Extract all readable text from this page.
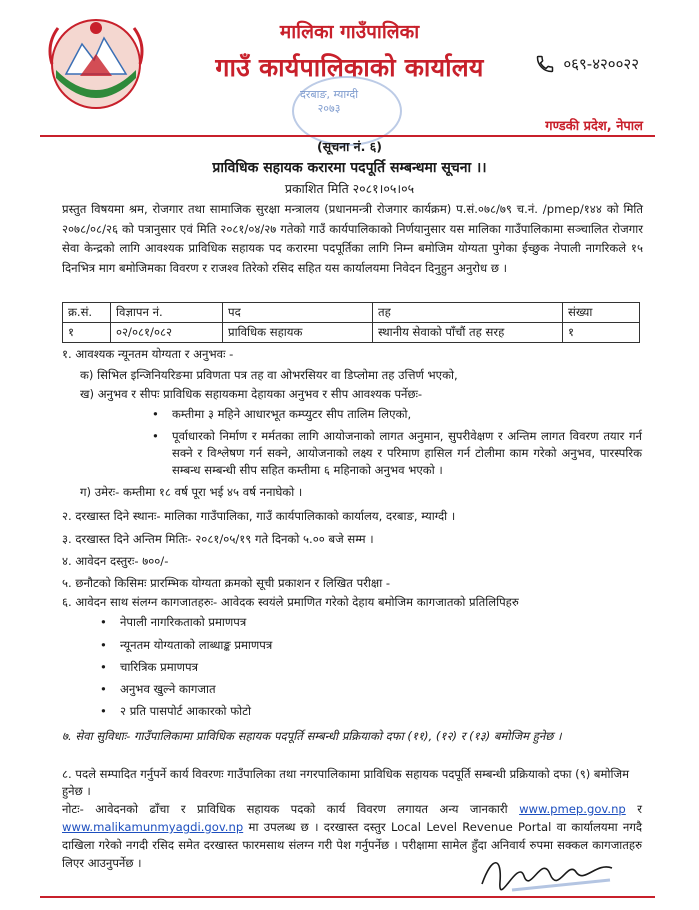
मालिका गाउँपालिका
गाउँ कार्यपालिकाको कार्यालय	०६९-४२००२२
दरबाङ, म्याग्दी
२०७३
गण्डकी प्रदेश, नेपाल
(सूचना नं. ६)
प्राविधिक सहायक करारमा पदपूर्ति सम्बन्धमा सूचना ।।
प्रकाशित मिति २०८१।०५।०५
प्रस्तुत विषयमा श्रम, रोजगार तथा सामाजिक सुरक्षा मन्त्रालय (प्रधानमन्त्री रोजगार कार्यक्रम) प.सं.०७८/७९ च.नं. /pmep/१४४ को मिति २०७८/०८/२६ को पत्रानुसार एवं मिति २०८१/०४/२७ गतेको गाउँ कार्यपालिकाको निर्णयानुसार यस मालिका गाउँपालिकामा सञ्चालित रोजगार सेवा केन्द्रको लागि आवश्यक प्राविधिक सहायक पद करारमा पदपूर्तिका लागि निम्न बमोजिम योग्यता पुगेका ईच्छुक नेपाली नागरिकले १५ दिनभित्र माग बमोजिमका विवरण र राजश्व तिरेको रसिद सहित यस कार्यालयमा निवेदन दिनुहुन अनुरोध छ ।
क्र.सं.	विज्ञापन नं.	पद	तह	संख्या
१	०२/०८१/०८२	प्राविधिक सहायक	स्थानीय सेवाको पाँचौं तह सरह	१
१. आवश्यक न्यूनतम योग्यता र अनुभवः -
क) सिभिल इन्जिनियरिङमा प्रविणता पत्र तह वा ओभरसियर वा डिप्लोमा तह उत्तिर्ण भएको,
ख) अनुभव र सीपः प्राविधिक सहायकमा देहायका अनुभव र सीप आवश्यक पर्नेछः-
• कम्तीमा ३ महिने आधारभूत कम्प्युटर सीप तालिम लिएको,
• पूर्वाधारको निर्माण र मर्मतका लागि आयोजनाको लागत अनुमान, सुपरीवेक्षण र अन्तिम लागत विवरण तयार गर्न सक्ने र विश्लेषण गर्न सक्ने, आयोजनाको लक्ष्य र परिमाण हासिल गर्न टोलीमा काम गरेको अनुभव, पारस्परिक सम्बन्ध सम्बन्धी सीप सहित कम्तीमा ६ महिनाको अनुभव भएको ।
ग) उमेरः- कम्तीमा १८ वर्ष पूरा भई ४५ वर्ष ननाघेको ।
२. दरखास्त दिने स्थानः- मालिका गाउँपालिका, गाउँ कार्यपालिकाको कार्यालय, दरबाङ, म्याग्दी ।
३. दरखास्त दिने अन्तिम मितिः- २०८१/०५/१९ गते दिनको ५.०० बजे सम्म ।
४. आवेदन दस्तुरः- ७००/-
५. छनौटको किसिमः प्रारम्भिक योग्यता क्रमको सूची प्रकाशन र लिखित परीक्षा -
६. आवेदन साथ संलग्न कागजातहरुः- आवेदक स्वयंले प्रमाणित गरेको देहाय बमोजिम कागजातको प्रतिलिपिहरु
• नेपाली नागरिकताको प्रमाणपत्र
• न्यूनतम योग्यताको लाब्धाङ्क प्रमाणपत्र
• चारित्रिक प्रमाणपत्र
• अनुभव खुल्ने कागजात
• २ प्रति पासपोर्ट आकारको फोटो
७. सेवा सुविधाः- गाउँपालिकामा प्राविधिक सहायक पदपूर्ति सम्बन्धी प्रक्रियाको दफा (११), (१२) र (१३) बमोजिम हुनेछ ।
८. पदले सम्पादित गर्नुपर्ने कार्य विवरणः गाउँपालिका तथा नगरपालिकामा प्राविधिक सहायक पदपूर्ति सम्बन्धी प्रक्रियाको दफा (९) बमोजिम हुनेछ ।
नोटः- आवेदनको ढाँचा र प्राविधिक सहायक पदको कार्य विवरण लगायत अन्य जानकारी www.pmep.gov.np र www.malikamunmyagdi.gov.np मा उपलब्ध छ । दरखास्त दस्तुर Local Level Revenue Portal वा कार्यालयमा नगदै दाखिला गरेको नगदी रसिद समेत दरखास्त फारमसाथ संलग्न गरी पेश गर्नुपर्नेछ । परीक्षामा सामेल हुँदा अनिवार्य रुपमा सक्कल कागजातहरु लिएर आउनुपर्नेछ ।
